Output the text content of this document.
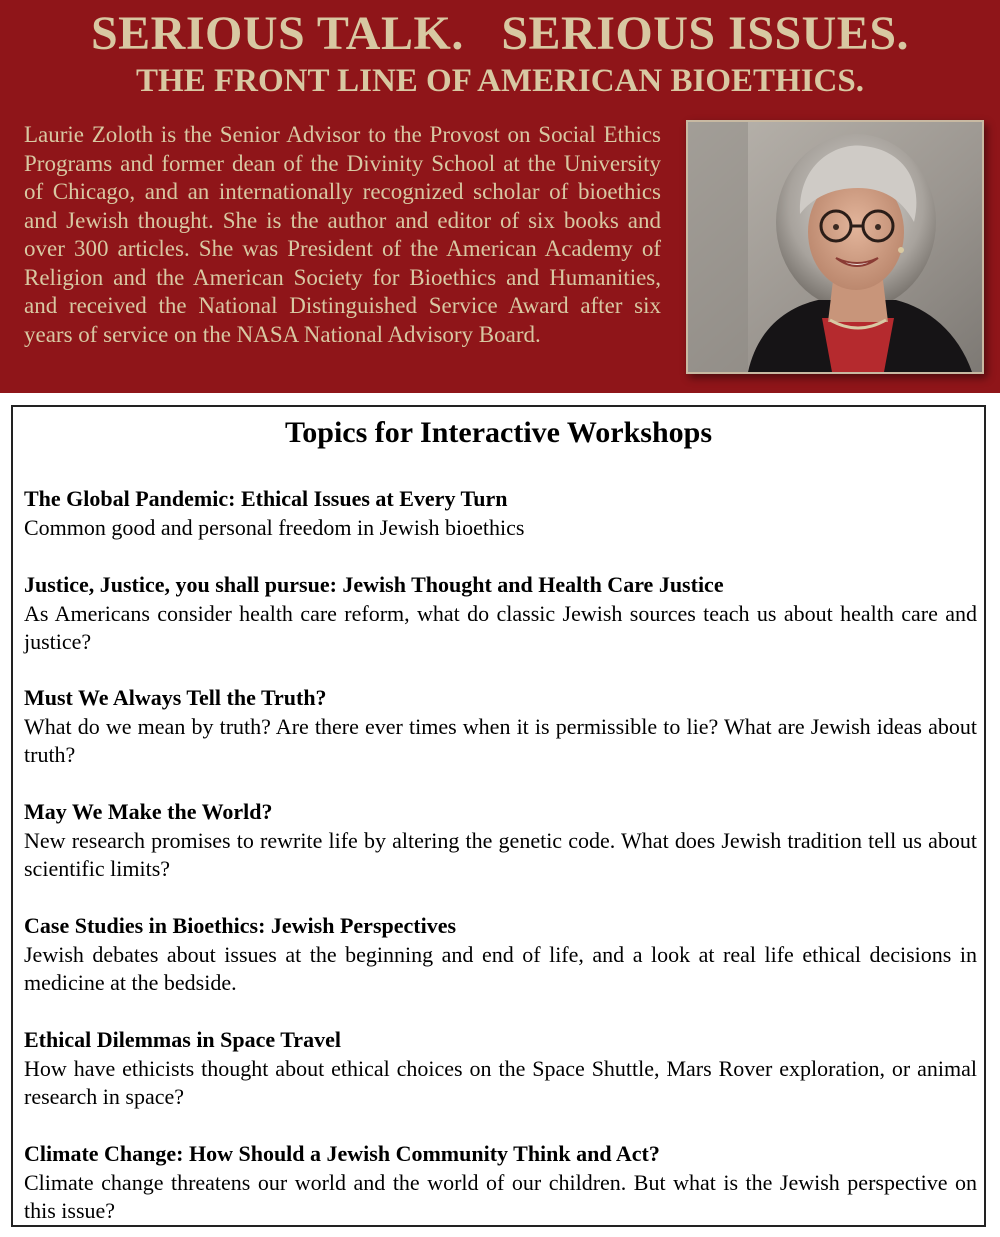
SERIOUS TALK.   SERIOUS ISSUES.
THE FRONT LINE OF AMERICAN BIOETHICS.

Laurie Zoloth is the Senior Advisor to the Provost on Social Ethics Programs and former dean of the Divinity School at the University of Chicago, and an internationally recognized scholar of bioethics and Jewish thought. She is the author and editor of six books and over 300 articles. She was President of the American Academy of Religion and the American Society for Bioethics and Humanities, and received the National Distinguished Service Award after six years of service on the NASA National Advisory Board.

Topics for Interactive Workshops
The Global Pandemic: Ethical Issues at Every Turn
Common good and personal freedom in Jewish bioethics
Justice, Justice, you shall pursue: Jewish Thought and Health Care Justice
As Americans consider health care reform, what do classic Jewish sources teach us about health care and justice?
Must We Always Tell the Truth?
What do we mean by truth? Are there ever times when it is permissible to lie? What are Jewish ideas about truth?
May We Make the World?
New research promises to rewrite life by altering the genetic code. What does Jewish tradition tell us about scientific limits?
Case Studies in Bioethics: Jewish Perspectives
Jewish debates about issues at the beginning and end of life, and a look at real life ethical decisions in medicine at the bedside.
Ethical Dilemmas in Space Travel
How have ethicists thought about ethical choices on the Space Shuttle, Mars Rover exploration, or animal research in space?
Climate Change: How Should a Jewish Community Think and Act?
Climate change threatens our world and the world of our children. But what is the Jewish perspective on this issue?
